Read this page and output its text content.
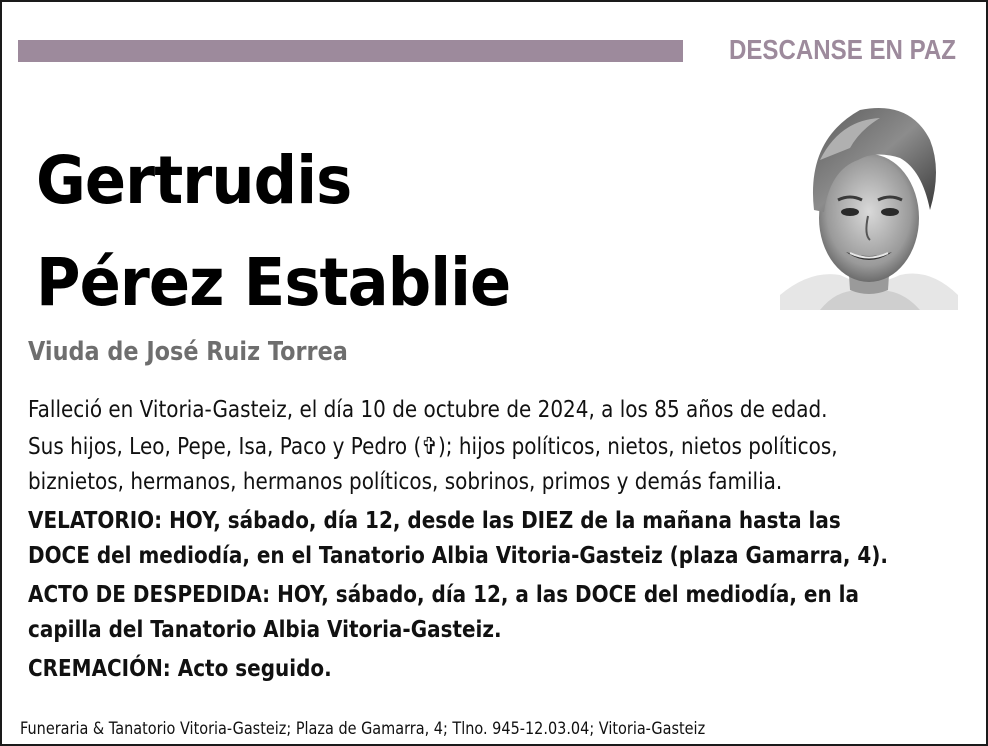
DESCANSE EN PAZ
Gertrudis
Pérez Establie
Viuda de José Ruiz Torrea
Falleció en Vitoria-Gasteiz, el día 10 de octubre de 2024, a los 85 años de edad.
Sus hijos, Leo, Pepe, Isa, Paco y Pedro (✞); hijos políticos, nietos, nietos políticos,
biznietos, hermanos, hermanos políticos, sobrinos, primos y demás familia.
VELATORIO: HOY, sábado, día 12, desde las DIEZ de la mañana hasta las
DOCE del mediodía, en el Tanatorio Albia Vitoria-Gasteiz (plaza Gamarra, 4).
ACTO DE DESPEDIDA: HOY, sábado, día 12, a las DOCE del mediodía, en la
capilla del Tanatorio Albia Vitoria-Gasteiz.
CREMACIÓN: Acto seguido.
Funeraria & Tanatorio Vitoria-Gasteiz; Plaza de Gamarra, 4; Tlno. 945-12.03.04; Vitoria-Gasteiz
